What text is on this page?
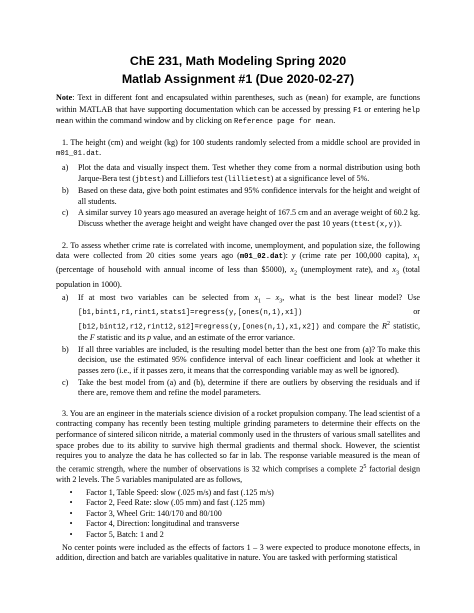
ChE 231, Math Modeling Spring 2020
Matlab Assignment #1 (Due 2020-02-27)
Note: Text in different font and encapsulated within parentheses, such as (mean) for example, are functions within MATLAB that have supporting documentation which can be accessed by pressing F1 or entering help mean within the command window and by clicking on Reference page for mean.
1. The height (cm) and weight (kg) for 100 students randomly selected from a middle school are provided in m01_01.dat.
a)	Plot the data and visually inspect them. Test whether they come from a normal distribution using both Jarque-Bera test (jbtest) and Lilliefors test (lillietest) at a significance level of 5%.
b)	Based on these data, give both point estimates and 95% confidence intervals for the height and weight of all students.
c)	A similar survey 10 years ago measured an average height of 167.5 cm and an average weight of 60.2 kg. Discuss whether the average height and weight have changed over the past 10 years (ttest(x,y)).
2. To assess whether crime rate is correlated with income, unemployment, and population size, the following data were collected from 20 cities some years ago (m01_02.dat): y (crime rate per 100,000 capita), $x_1$ (percentage of household with annual income of less than $5000), $x_2$ (unemployment rate), and $x_3$ (total population in 1000).
a)	If at most two variables can be selected from $x_1 - x_3$, what is the best linear model? Use [b1,bint1,r1,rint1,stats1]=regress(y,[ones(n,1),x1]) or [b12,bint12,r12,rint12,s12]=regress(y,[ones(n,1),x1,x2]) and compare the $R^2$ statistic, the F statistic and its p value, and an estimate of the error variance.
b)	If all three variables are included, is the resulting model better than the best one from (a)? To make this decision, use the estimated 95% confidence interval of each linear coefficient and look at whether it passes zero (i.e., if it passes zero, it means that the corresponding variable may as well be ignored).
c)	Take the best model from (a) and (b), determine if there are outliers by observing the residuals and if there are, remove them and refine the model parameters.
3. You are an engineer in the materials science division of a rocket propulsion company. The lead scientist of a contracting company has recently been testing multiple grinding parameters to determine their effects on the performance of sintered silicon nitride, a material commonly used in the thrusters of various small satellites and space probes due to its ability to survive high thermal gradients and thermal shock. However, the scientist requires you to analyze the data he has collected so far in lab. The response variable measured is the mean of the ceramic strength, where the number of observations is 32 which comprises a complete $2^5$ factorial design with 2 levels. The 5 variables manipulated are as follows,
•	Factor 1, Table Speed: slow (.025 m/s) and fast (.125 m/s)
•	Factor 2, Feed Rate: slow (.05 mm) and fast (.125 mm)
•	Factor 3, Wheel Grit: 140/170 and 80/100
•	Factor 4, Direction: longitudinal and transverse
•	Factor 5, Batch: 1 and 2
No center points were included as the effects of factors 1 – 3 were expected to produce monotone effects, in addition, direction and batch are variables qualitative in nature. You are tasked with performing statistical
